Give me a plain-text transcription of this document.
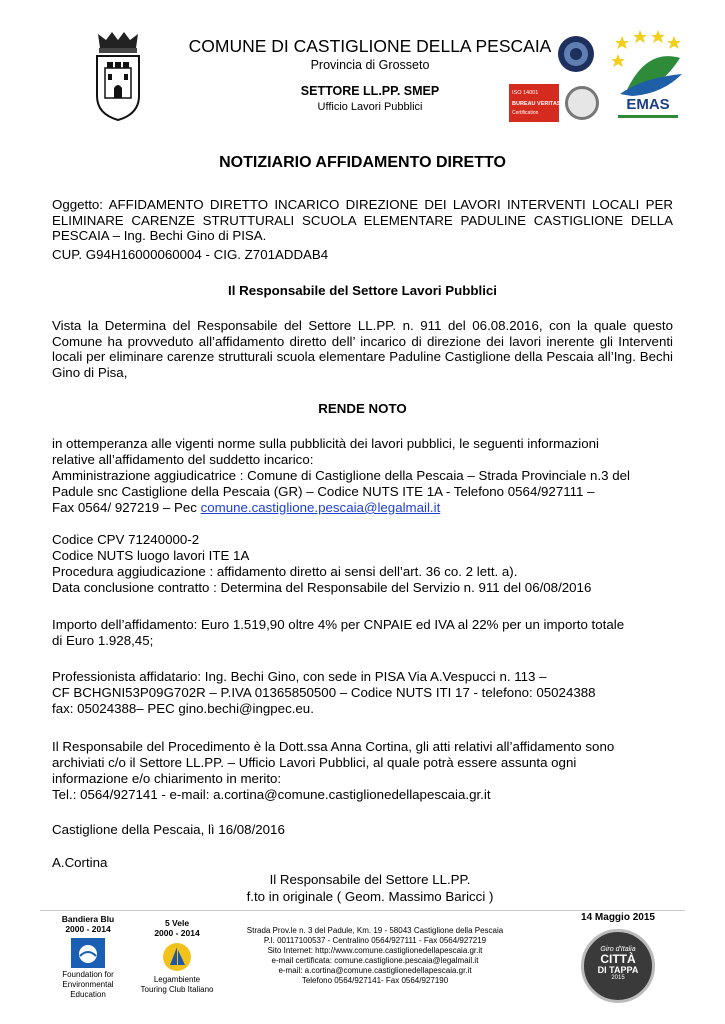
COMUNE DI CASTIGLIONE DELLA PESCAIA
Provincia di Grosseto
SETTORE LL.PP. SMEP
Ufficio Lavori Pubblici
ISO 14001
BUREAU VERITAS
Certification	EMAS
NOTIZIARIO AFFIDAMENTO DIRETTO
Oggetto: AFFIDAMENTO DIRETTO INCARICO DIREZIONE DEI LAVORI INTERVENTI LOCALI PER ELIMINARE CARENZE STRUTTURALI SCUOLA ELEMENTARE PADULINE CASTIGLIONE DELLA PESCAIA – Ing. Bechi Gino di PISA.
CUP. G94H16000060004 - CIG. Z701ADDAB4
Il Responsabile del Settore Lavori Pubblici
Vista la Determina del Responsabile del Settore LL.PP. n. 911 del 06.08.2016, con la quale questo Comune ha provveduto all’affidamento diretto dell’ incarico di direzione dei lavori inerente gli Interventi locali per eliminare carenze strutturali scuola elementare Paduline Castiglione della Pescaia all’Ing. Bechi Gino di Pisa,
RENDE NOTO
in ottemperanza alle vigenti norme sulla pubblicità dei lavori pubblici, le seguenti informazioni
relative all’affidamento del suddetto incarico:
Amministrazione aggiudicatrice : Comune di Castiglione della Pescaia – Strada Provinciale n.3 del
Padule snc Castiglione della Pescaia (GR) – Codice NUTS ITE 1A - Telefono 0564/927111 –
Fax 0564/ 927219 – Pec comune.castiglione.pescaia@legalmail.it
Codice CPV 71240000-2
Codice NUTS luogo lavori ITE 1A
Procedura aggiudicazione : affidamento diretto ai sensi dell’art. 36 co. 2 lett. a).
Data conclusione contratto : Determina del Responsabile del Servizio n. 911 del 06/08/2016
Importo dell’affidamento: Euro 1.519,90 oltre 4% per CNPAIE ed IVA al 22% per un importo totale
di Euro 1.928,45;
Professionista affidatario: Ing. Bechi Gino, con sede in PISA Via A.Vespucci n. 113 –
CF BCHGNI53P09G702R – P.IVA 01365850500 – Codice NUTS ITI 17 - telefono: 05024388
fax: 05024388– PEC gino.bechi@ingpec.eu.
Il Responsabile del Procedimento è la Dott.ssa Anna Cortina, gli atti relativi all’affidamento sono
archiviati c/o il Settore LL.PP. – Ufficio Lavori Pubblici, al quale potrà essere assunta ogni
informazione e/o chiarimento in merito:
Tel.: 0564/927141 - e-mail: a.cortina@comune.castiglionedellapescaia.gr.it
Castiglione della Pescaia, lì 16/08/2016
A.Cortina
Il Responsabile del Settore LL.PP.
f.to in originale ( Geom. Massimo Baricci )
Bandiera Blu
2000 - 2014
Foundation for
Environmental
Education
5 Vele
2000 - 2014
Legambiente
Touring Club Italiano
Strada Prov.le n. 3 del Padule, Km. 19 - 58043 Castiglione della Pescaia
P.I. 00117100537 - Centralino 0564/927111 - Fax 0564/927219
Sito Internet: http://www.comune.castiglionedellapescaia.gr.it
e-mail certificata: comune.castiglione.pescaia@legalmail.it
e-mail: a.cortina@comune.castiglionedellapescaia.gr.it
Telefono 0564/927141- Fax 0564/927190
14 Maggio 2015
Giro d'Italia
CITTÀ
DI TAPPA
2015
